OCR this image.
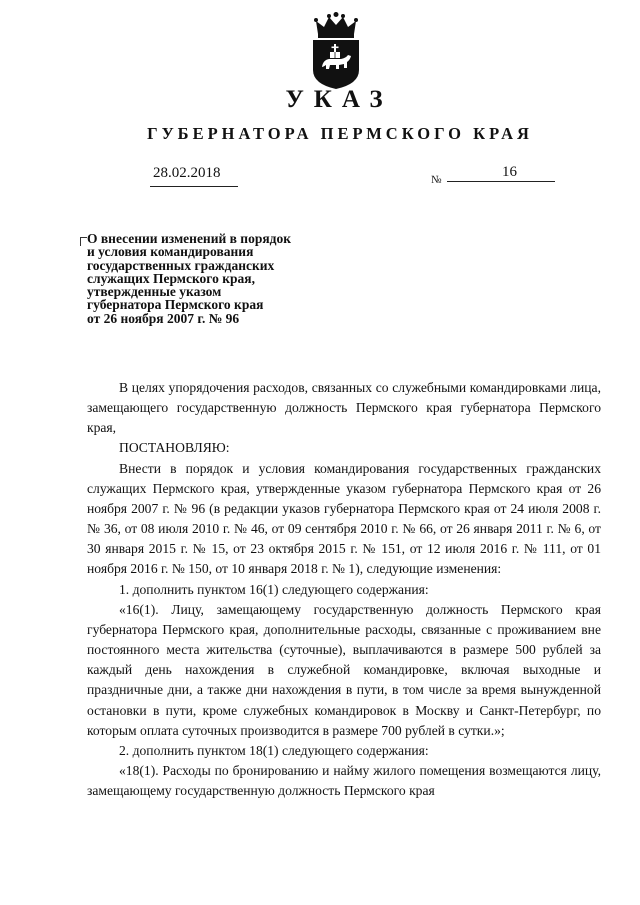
УКАЗ
ГУБЕРНАТОРА ПЕРМСКОГО КРАЯ
28.02.2018	№	16
О внесении изменений в порядок
и условия командирования
государственных гражданских
служащих Пермского края,
утвержденные указом
губернатора Пермского края
от 26 ноября 2007 г. № 96

В целях упорядочения расходов, связанных со служебными командировками лица, замещающего государственную должность Пермского края губернатора Пермского края,

ПОСТАНОВЛЯЮ:

Внести в порядок и условия командирования государственных гражданских служащих Пермского края, утвержденные указом губернатора Пермского края от 26 ноября 2007 г. № 96 (в редакции указов губернатора Пермского края от 24 июля 2008 г. № 36, от 08 июля 2010 г. № 46, от 09 сентября 2010 г. № 66, от 26 января 2011 г. № 6, от 30 января 2015 г. № 15, от 23 октября 2015 г. № 151, от 12 июля 2016 г. № 111, от 01 ноября 2016 г. № 150, от 10 января 2018 г. № 1), следующие изменения:

1. дополнить пунктом 16(1) следующего содержания:

«16(1). Лицу, замещающему государственную должность Пермского края губернатора Пермского края, дополнительные расходы, связанные с проживанием вне постоянного места жительства (суточные), выплачиваются в размере 500 рублей за каждый день нахождения в служебной командировке, включая выходные и праздничные дни, а также дни нахождения в пути, в том числе за время вынужденной остановки в пути, кроме служебных командировок в Москву и Санкт-Петербург, по которым оплата суточных производится в размере 700 рублей в сутки.»;

2. дополнить пунктом 18(1) следующего содержания:

«18(1). Расходы по бронированию и найму жилого помещения возмещаются лицу, замещающему государственную должность Пермского края
